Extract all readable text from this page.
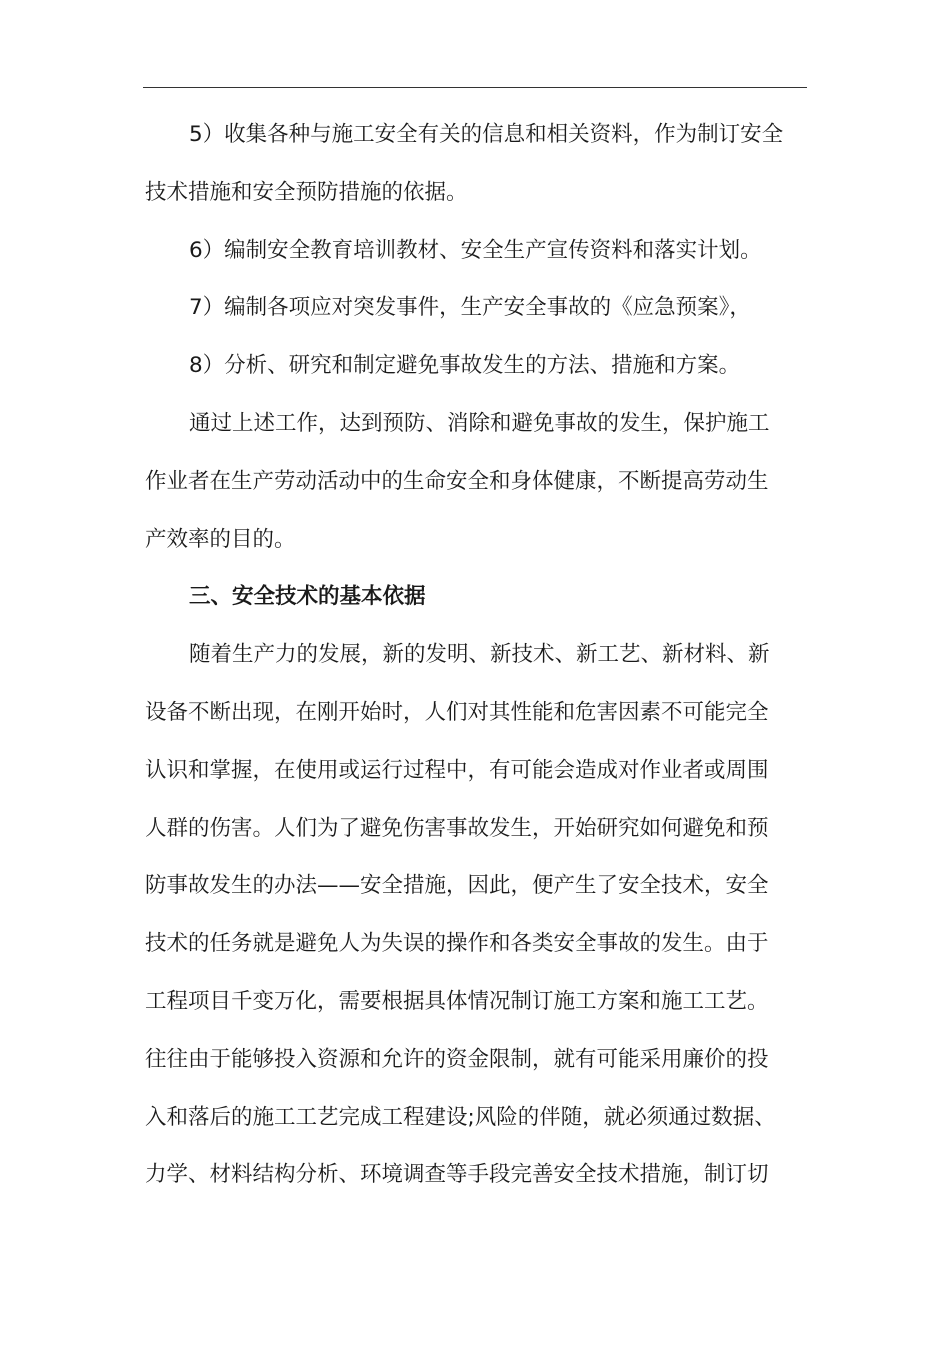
5）收集各种与施工安全有关的信息和相关资料，作为制订安全
技术措施和安全预防措施的依据。
6）编制安全教育培训教材、安全生产宣传资料和落实计划。
7）编制各项应对突发事件，生产安全事故的《应急预案》，
8）分析、研究和制定避免事故发生的方法、措施和方案。
通过上述工作，达到预防、消除和避免事故的发生，保护施工
作业者在生产劳动活动中的生命安全和身体健康，不断提高劳动生
产效率的目的。
三、安全技术的基本依据
随着生产力的发展，新的发明、新技术、新工艺、新材料、新
设备不断出现，在刚开始时，人们对其性能和危害因素不可能完全
认识和掌握，在使用或运行过程中，有可能会造成对作业者或周围
人群的伤害。人们为了避免伤害事故发生，开始研究如何避免和预
防事故发生的办法——安全措施，因此，便产生了安全技术，安全
技术的任务就是避免人为失误的操作和各类安全事故的发生。由于
工程项目千变万化，需要根据具体情况制订施工方案和施工工艺。
往往由于能够投入资源和允许的资金限制，就有可能采用廉价的投
入和落后的施工工艺完成工程建设;风险的伴随，就必须通过数据、
力学、材料结构分析、环境调查等手段完善安全技术措施，制订切
